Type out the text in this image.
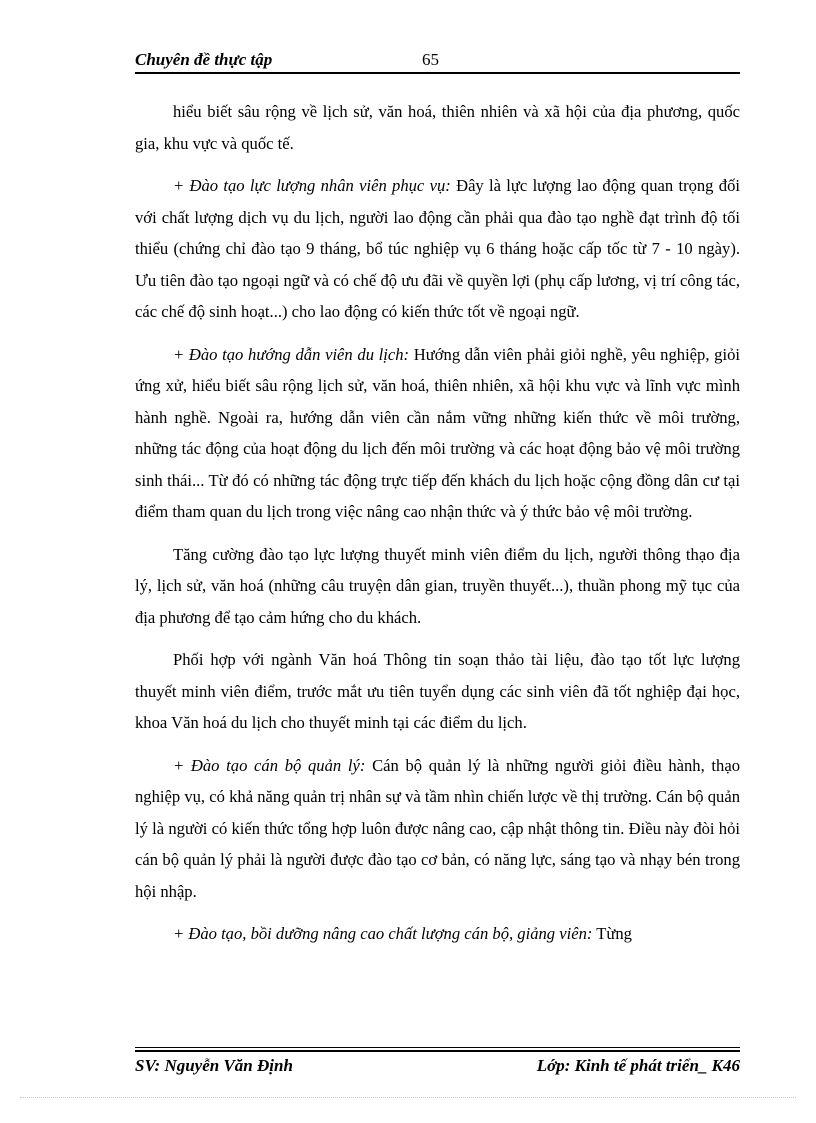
Chuyên đề thực tập	65

hiểu biết sâu rộng về lịch sử, văn hoá, thiên nhiên và xã hội của địa phương, quốc gia, khu vực và quốc tế.

+ Đào tạo lực lượng nhân viên phục vụ: Đây là lực lượng lao động quan trọng đối với chất lượng dịch vụ du lịch, người lao động cần phải qua đào tạo nghề đạt trình độ tối thiểu (chứng chỉ đào tạo 9 tháng, bổ túc nghiệp vụ 6 tháng hoặc cấp tốc từ 7 - 10 ngày). Ưu tiên đào tạo ngoại ngữ và có chế độ ưu đãi về quyền lợi (phụ cấp lương, vị trí công tác, các chế độ sinh hoạt...) cho lao động có kiến thức tốt về ngoại ngữ.

+ Đào tạo hướng dẫn viên du lịch: Hướng dẫn viên phải giỏi nghề, yêu nghiệp, giỏi ứng xử, hiểu biết sâu rộng lịch sử, văn hoá, thiên nhiên, xã hội khu vực và lĩnh vực mình hành nghề. Ngoài ra, hướng dẫn viên cần nắm vững những kiến thức về môi trường, những tác động của hoạt động du lịch đến môi trường và các hoạt động bảo vệ môi trường sinh thái... Từ đó có những tác động trực tiếp đến khách du lịch hoặc cộng đồng dân cư tại điểm tham quan du lịch trong việc nâng cao nhận thức và ý thức bảo vệ môi trường.

Tăng cường đào tạo lực lượng thuyết minh viên điểm du lịch, người thông thạo địa lý, lịch sử, văn hoá (những câu truyện dân gian, truyền thuyết...), thuần phong mỹ tục của địa phương để tạo cảm hứng cho du khách.

Phối hợp với ngành Văn hoá Thông tin soạn thảo tài liệu, đào tạo tốt lực lượng thuyết minh viên điểm, trước mắt ưu tiên tuyển dụng các sinh viên đã tốt nghiệp đại học, khoa Văn hoá du lịch cho thuyết minh tại các điểm du lịch.

+ Đào tạo cán bộ quản lý: Cán bộ quản lý là những người giỏi điều hành, thạo nghiệp vụ, có khả năng quản trị nhân sự và tầm nhìn chiến lược về thị trường. Cán bộ quản lý là người có kiến thức tổng hợp luôn được nâng cao, cập nhật thông tin. Điều này đòi hỏi cán bộ quản lý phải là người được đào tạo cơ bản, có năng lực, sáng tạo và nhạy bén trong hội nhập.

+ Đào tạo, bồi dưỡng nâng cao chất lượng cán bộ, giảng viên: Từng

SV: Nguyễn Văn Định	Lớp: Kinh tế phát triển_ K46
